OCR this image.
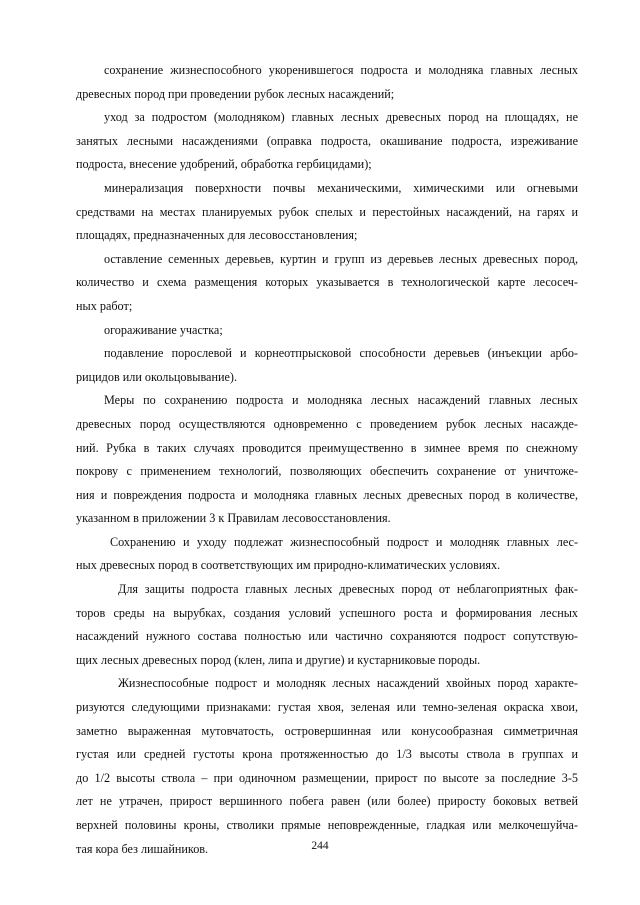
сохранение жизнеспособного укоренившегося подроста и молодняка главных лесных
древесных пород при проведении рубок лесных насаждений;
уход за подростом (молодняком) главных лесных древесных пород на площадях, не
занятых лесными насаждениями (оправка подроста, окашивание подроста, изреживание
подроста, внесение удобрений, обработка гербицидами);
минерализация поверхности почвы механическими, химическими или огневыми
средствами на местах планируемых рубок спелых и перестойных насаждений, на гарях и
площадях, предназначенных для лесовосстановления;
оставление семенных деревьев, куртин и групп из деревьев лесных древесных пород,
количество и схема размещения которых указывается в технологической карте лесосеч-
ных работ;
огораживание участка;
подавление порослевой и корнеотпрысковой способности деревьев (инъекции арбо-
рицидов или окольцовывание).
Меры по сохранению подроста и молодняка лесных насаждений главных лесных
древесных пород осуществляются одновременно с проведением рубок лесных насажде-
ний. Рубка в таких случаях проводится преимущественно в зимнее время по снежному
покрову с применением технологий, позволяющих обеспечить сохранение от уничтоже-
ния и повреждения подроста и молодняка главных лесных древесных пород в количестве,
указанном в приложении 3 к Правилам лесовосстановления.
Сохранению и уходу подлежат жизнеспособный подрост и молодняк главных лес-
ных древесных пород в соответствующих им природно-климатических условиях.
Для защиты подроста главных лесных древесных пород от неблагоприятных фак-
торов среды на вырубках, создания условий успешного роста и формирования лесных
насаждений нужного состава полностью или частично сохраняются подрост сопутствую-
щих лесных древесных пород (клен, липа и другие) и кустарниковые породы.
Жизнеспособные подрост и молодняк лесных насаждений хвойных пород характе-
ризуются следующими признаками: густая хвоя, зеленая или темно-зеленая окраска хвои,
заметно выраженная мутовчатость, островершинная или конусообразная симметричная
густая или средней густоты крона протяженностью до 1/3 высоты ствола в группах и
до 1/2 высоты ствола – при одиночном размещении, прирост по высоте за последние 3-5
лет не утрачен, прирост вершинного побега равен (или более) приросту боковых ветвей
верхней половины кроны, стволики прямые неповрежденные, гладкая или мелкочешуйча-
тая кора без лишайников.	244
